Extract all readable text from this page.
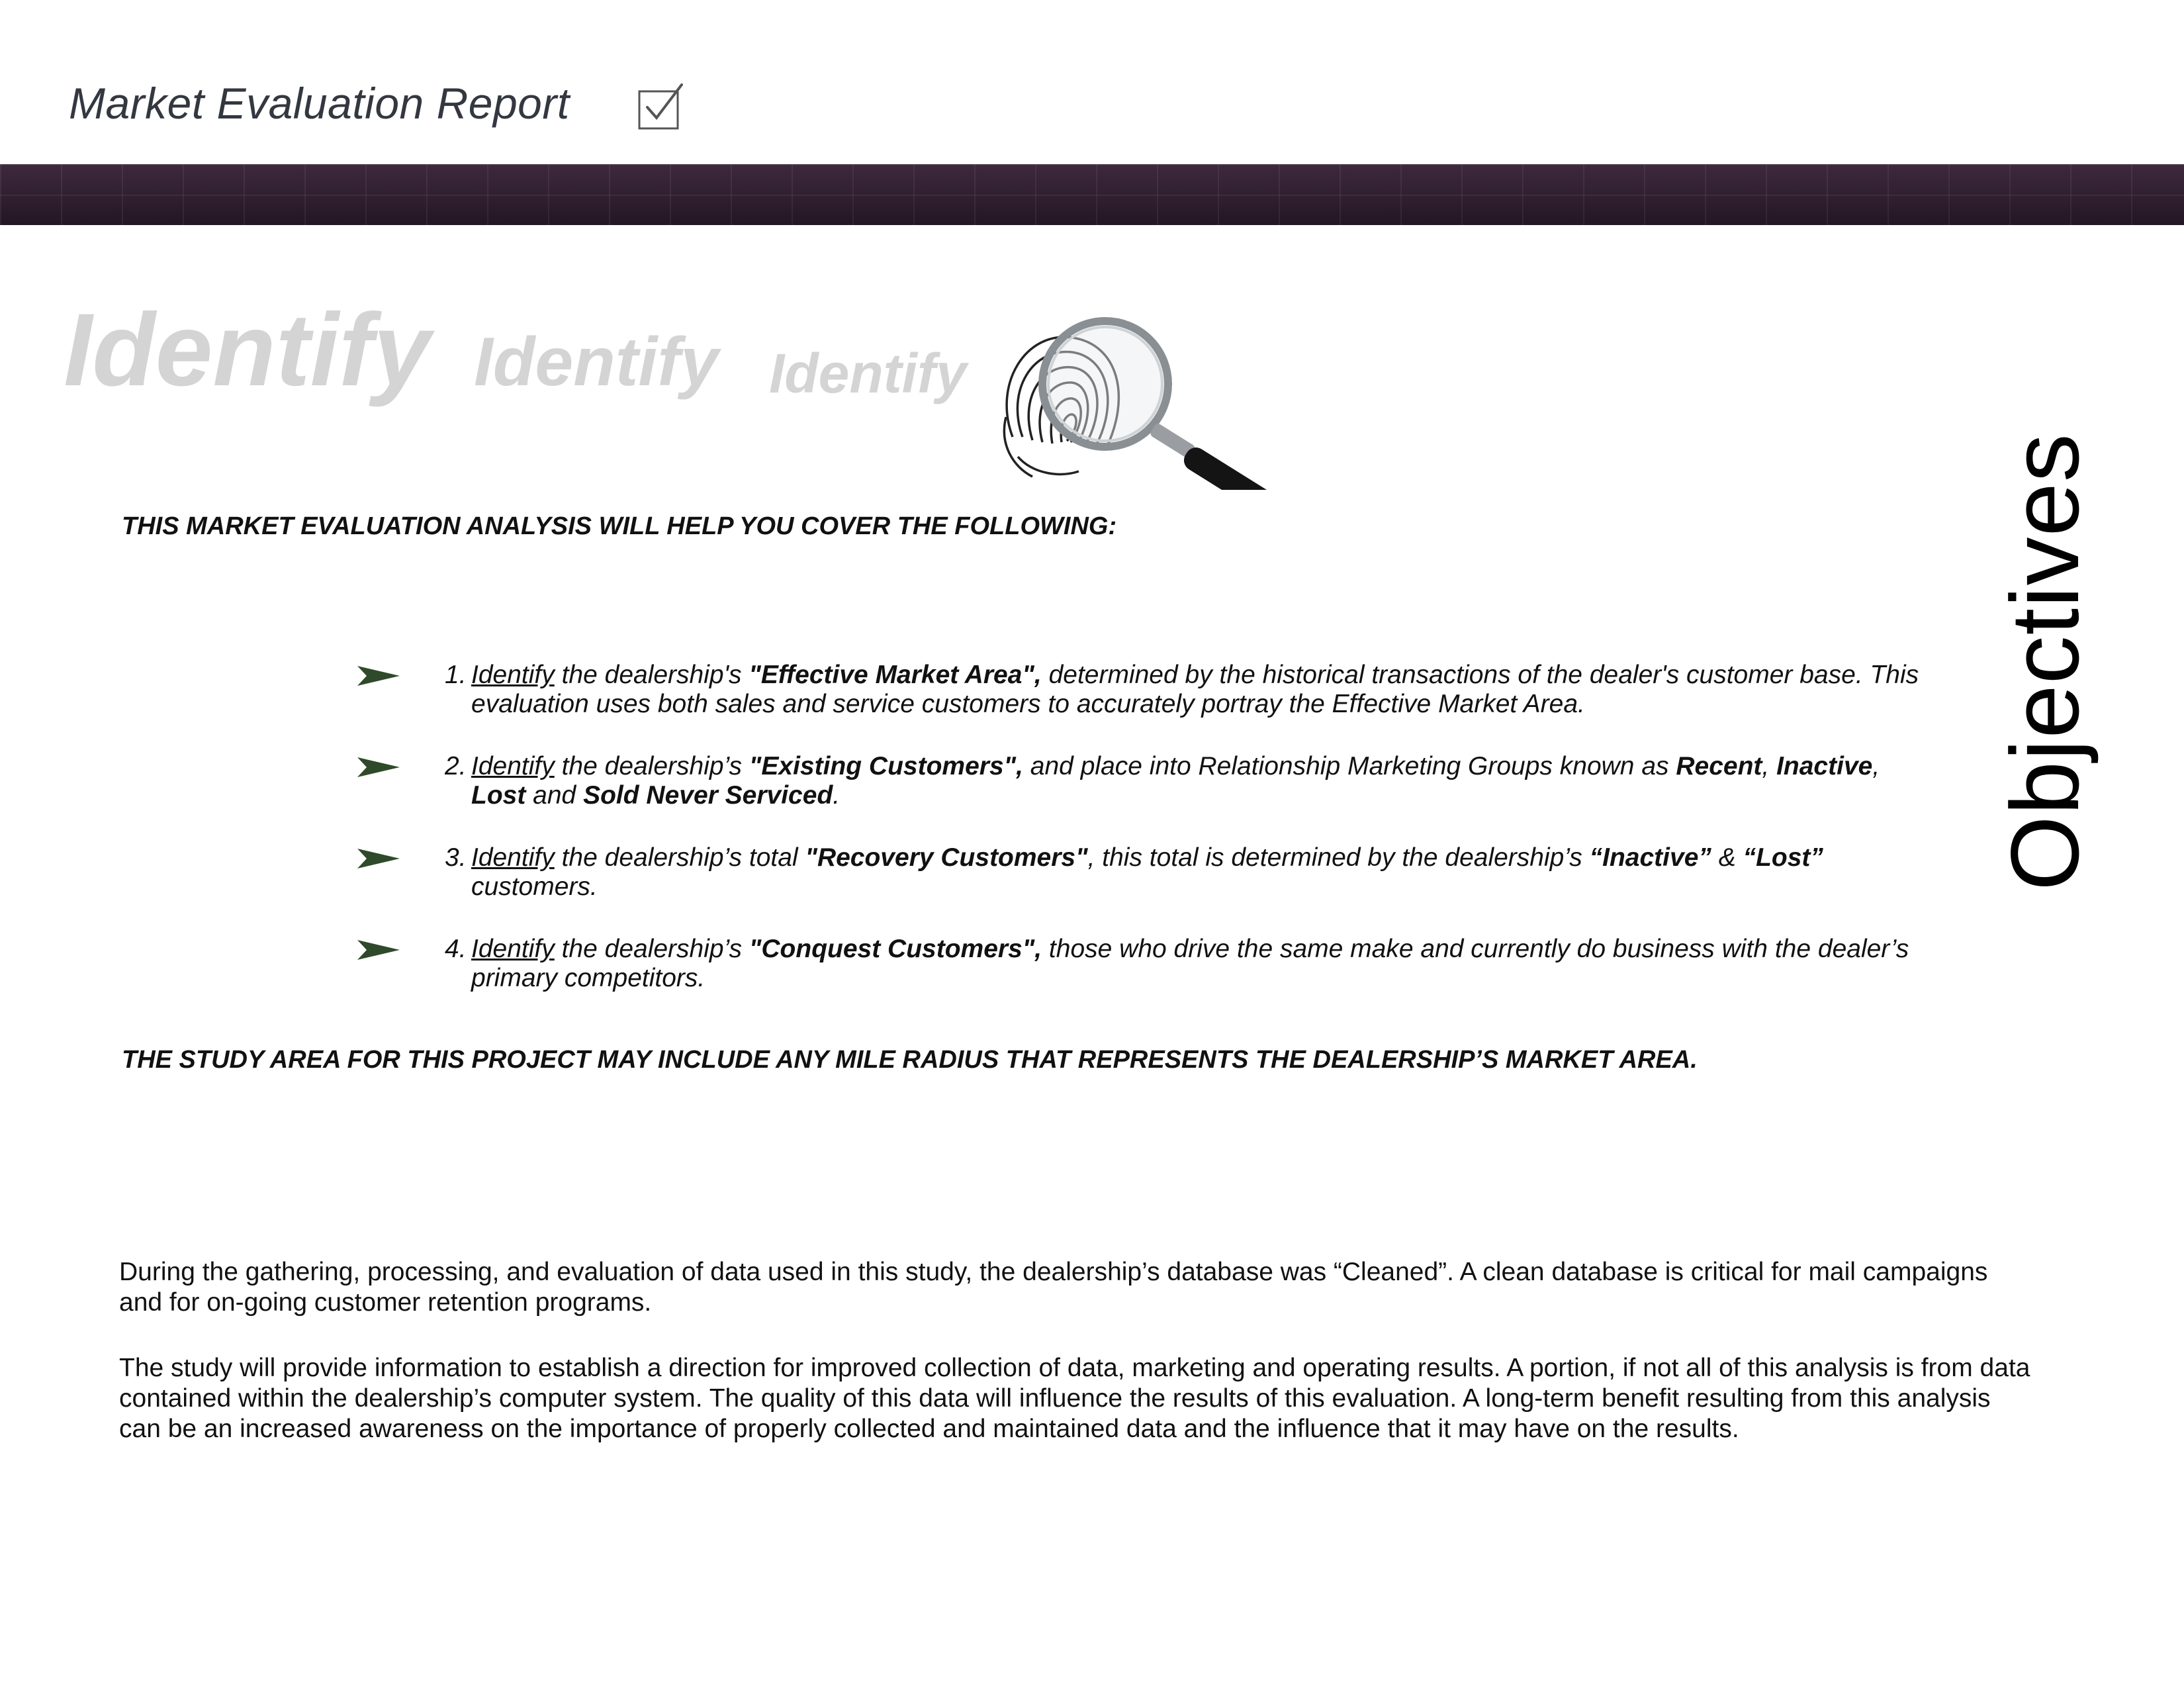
Market Evaluation Report
Identify Identify Identify
THIS MARKET EVALUATION ANALYSIS WILL HELP YOU COVER THE FOLLOWING:
1. Identify the dealership's "Effective Market Area", determined by the historical transactions of the dealer's customer base. This evaluation uses both sales and service customers to accurately portray the Effective Market Area.
2. Identify the dealership’s "Existing Customers", and place into Relationship Marketing Groups known as Recent, Inactive, Lost and Sold Never Serviced.
3. Identify the dealership’s total "Recovery Customers", this total is determined by the dealership’s “Inactive” & “Lost” customers.
4. Identify the dealership’s "Conquest Customers", those who drive the same make and currently do business with the dealer’s primary competitors.
THE STUDY AREA FOR THIS PROJECT MAY INCLUDE ANY MILE RADIUS THAT REPRESENTS THE DEALERSHIP’S MARKET AREA.

During the gathering, processing, and evaluation of data used in this study, the dealership’s database was “Cleaned”. A clean database is critical for mail campaigns and for on-going customer retention programs.

The study will provide information to establish a direction for improved collection of data, marketing and operating results. A portion, if not all of this analysis is from data contained within the dealership’s computer system. The quality of this data will influence the results of this evaluation. A long-term benefit resulting from this analysis can be an increased awareness on the importance of properly collected and maintained data and the influence that it may have on the results.

Objectives
